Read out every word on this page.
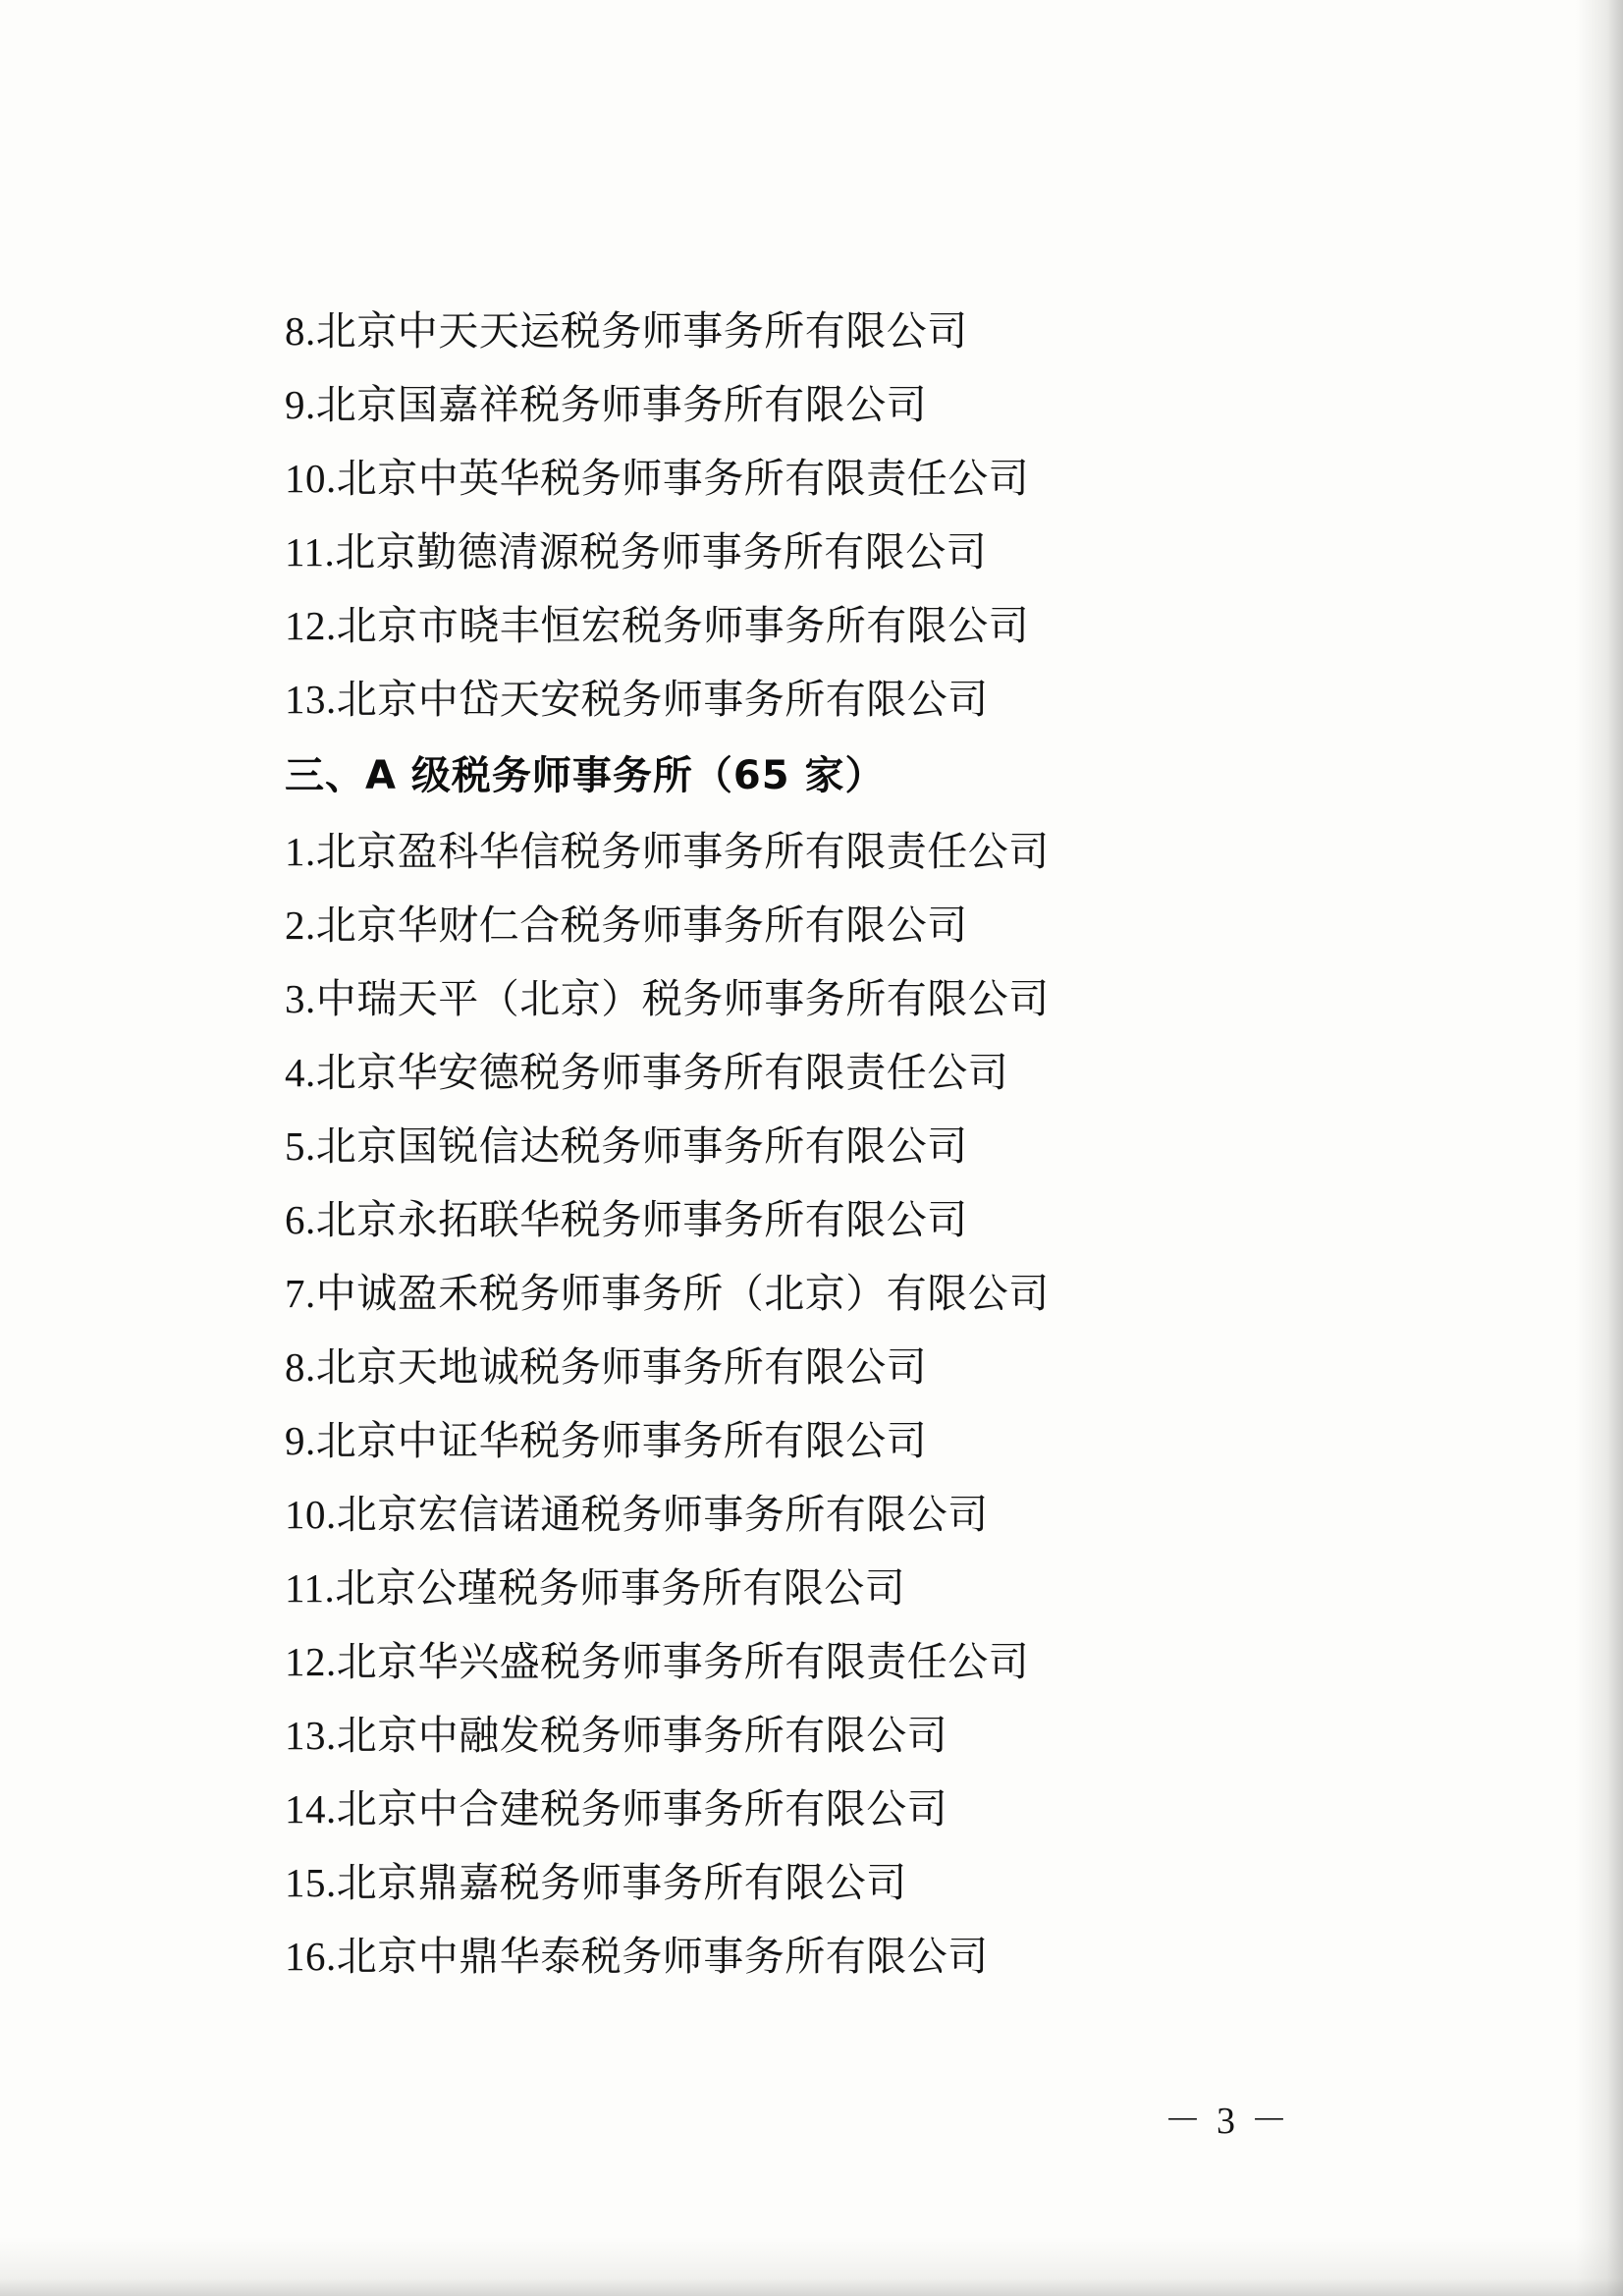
8.北京中天天运税务师事务所有限公司
9.北京国嘉祥税务师事务所有限公司
10.北京中英华税务师事务所有限责任公司
11.北京勤德清源税务师事务所有限公司
12.北京市晓丰恒宏税务师事务所有限公司
13.北京中岱天安税务师事务所有限公司
三、A 级税务师事务所（65 家）
1.北京盈科华信税务师事务所有限责任公司
2.北京华财仁合税务师事务所有限公司
3.中瑞天平（北京）税务师事务所有限公司
4.北京华安德税务师事务所有限责任公司
5.北京国锐信达税务师事务所有限公司
6.北京永拓联华税务师事务所有限公司
7.中诚盈禾税务师事务所（北京）有限公司
8.北京天地诚税务师事务所有限公司
9.北京中证华税务师事务所有限公司
10.北京宏信诺通税务师事务所有限公司
11.北京公瑾税务师事务所有限公司
12.北京华兴盛税务师事务所有限责任公司
13.北京中融发税务师事务所有限公司
14.北京中合建税务师事务所有限公司
15.北京鼎嘉税务师事务所有限公司
16.北京中鼎华泰税务师事务所有限公司
－ 3 －
